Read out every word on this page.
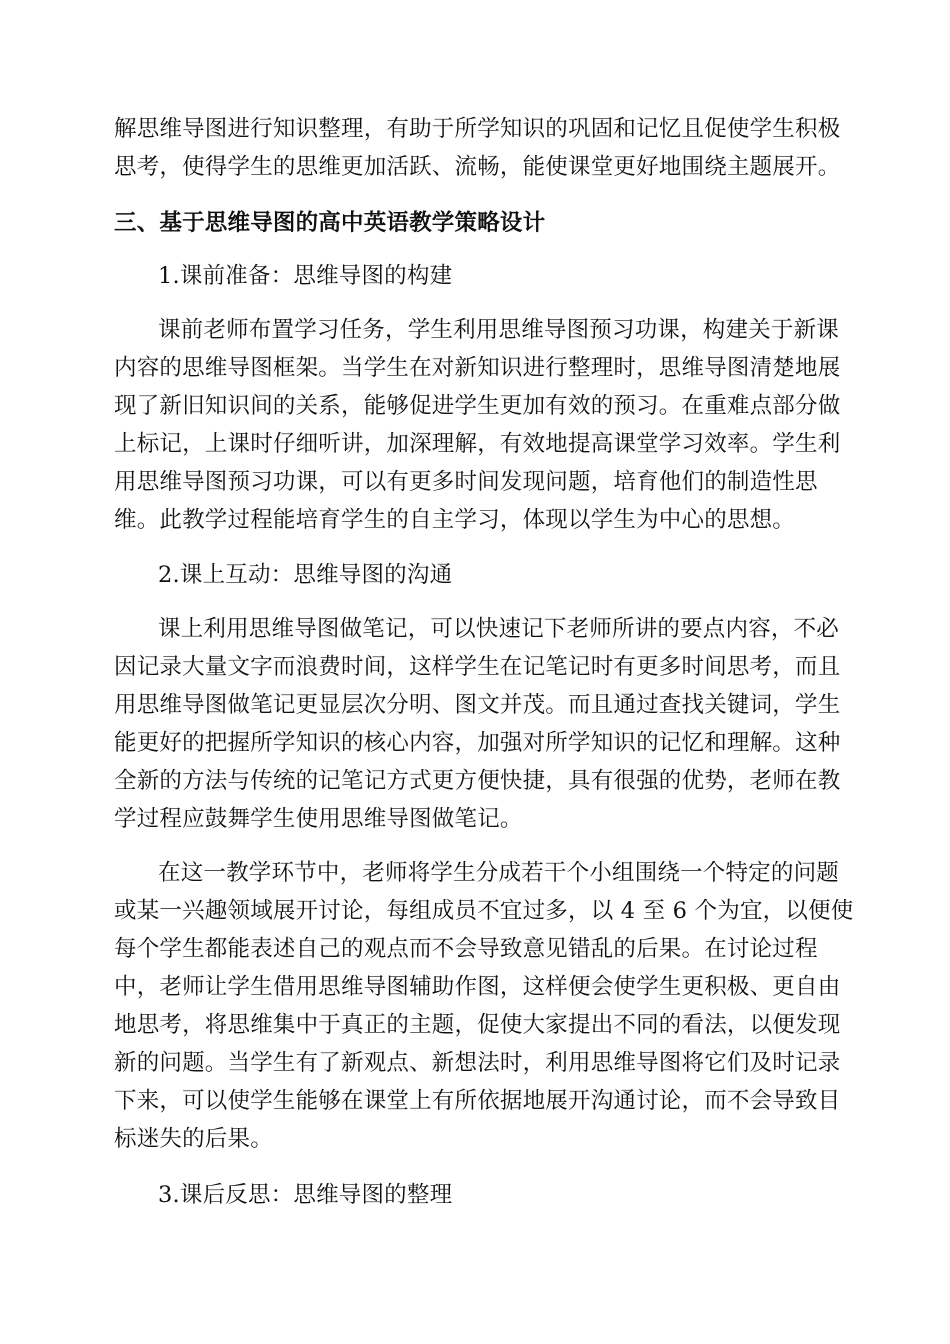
解思维导图进行知识整理，有助于所学知识的巩固和记忆且促使学生积极
思考，使得学生的思维更加活跃、流畅，能使课堂更好地围绕主题展开。
三、基于思维导图的高中英语教学策略设计
1.课前准备：思维导图的构建
课前老师布置学习任务，学生利用思维导图预习功课，构建关于新课
内容的思维导图框架。当学生在对新知识进行整理时，思维导图清楚地展
现了新旧知识间的关系，能够促进学生更加有效的预习。在重难点部分做
上标记，上课时仔细听讲，加深理解，有效地提高课堂学习效率。学生利
用思维导图预习功课，可以有更多时间发现问题，培育他们的制造性思
维。此教学过程能培育学生的自主学习，体现以学生为中心的思想。
2.课上互动：思维导图的沟通
课上利用思维导图做笔记，可以快速记下老师所讲的要点内容，不必
因记录大量文字而浪费时间，这样学生在记笔记时有更多时间思考，而且
用思维导图做笔记更显层次分明、图文并茂。而且通过查找关键词，学生
能更好的把握所学知识的核心内容，加强对所学知识的记忆和理解。这种
全新的方法与传统的记笔记方式更方便快捷，具有很强的优势，老师在教
学过程应鼓舞学生使用思维导图做笔记。
在这一教学环节中，老师将学生分成若干个小组围绕一个特定的问题
或某一兴趣领域展开讨论，每组成员不宜过多，以 4 至 6 个为宜，以便使
每个学生都能表述自己的观点而不会导致意见错乱的后果。在讨论过程
中，老师让学生借用思维导图辅助作图，这样便会使学生更积极、更自由
地思考，将思维集中于真正的主题，促使大家提出不同的看法，以便发现
新的问题。当学生有了新观点、新想法时，利用思维导图将它们及时记录
下来，可以使学生能够在课堂上有所依据地展开沟通讨论，而不会导致目
标迷失的后果。
3.课后反思：思维导图的整理
